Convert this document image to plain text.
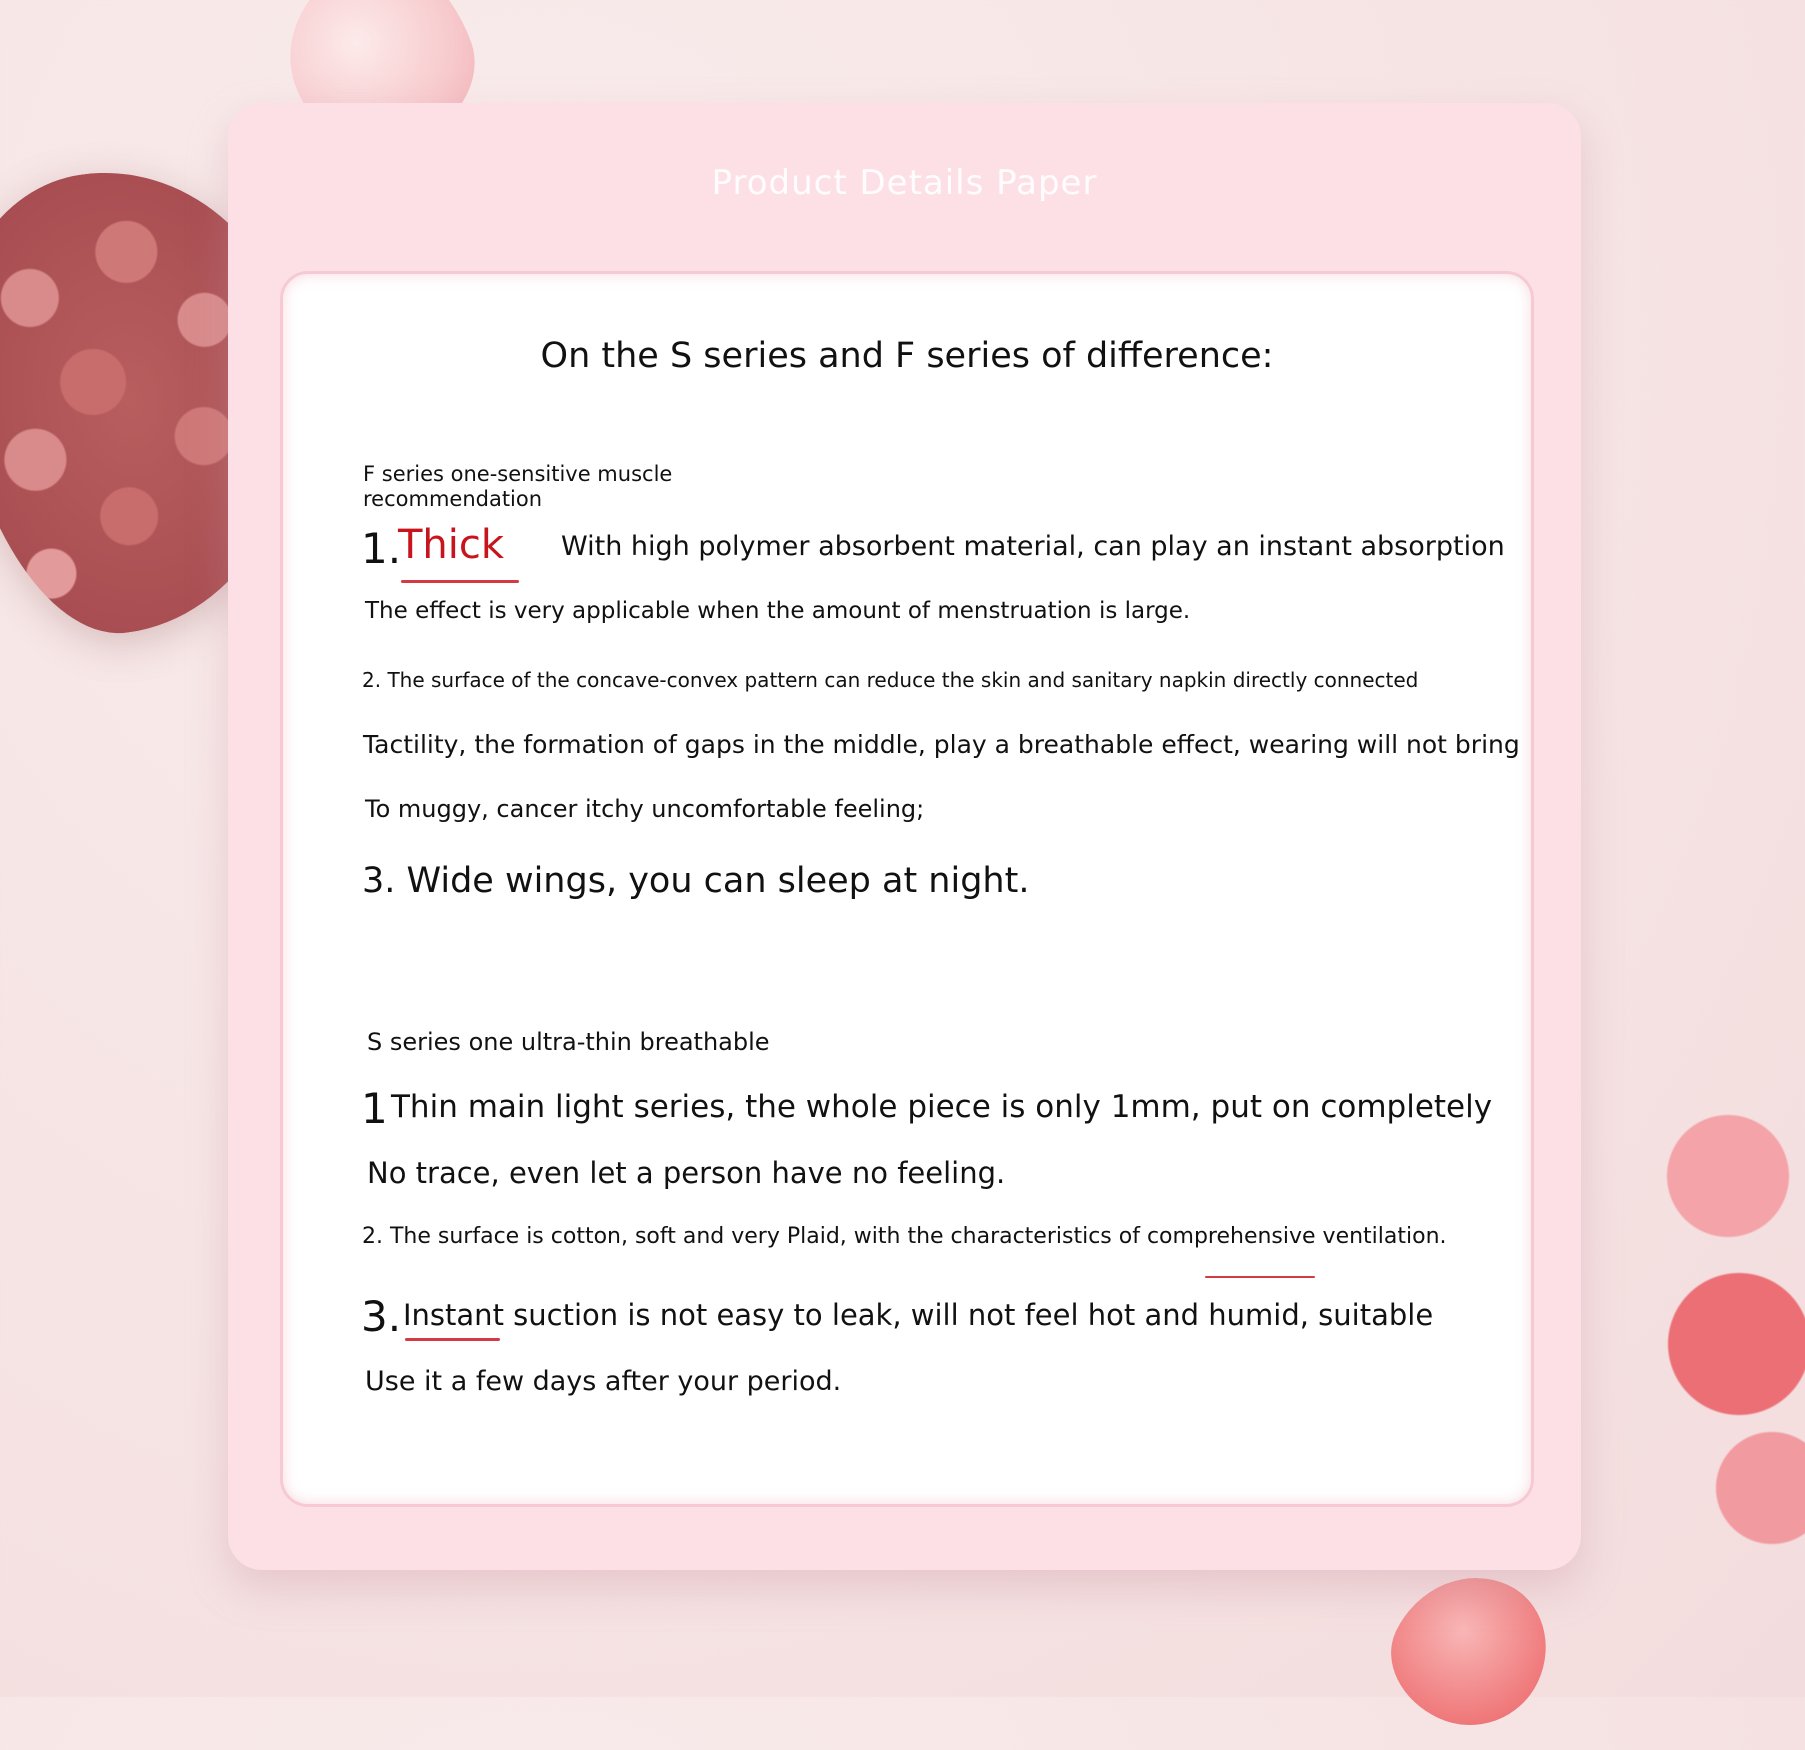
Product Details Paper
On the S series and F series of difference:
F series one-sensitive muscle
recommendation
1.
Thick With high polymer absorbent material, can play an instant absorption
The effect is very applicable when the amount of menstruation is large.
2. The surface of the concave-convex pattern can reduce the skin and sanitary napkin directly connected
Tactility, the formation of gaps in the middle, play a breathable effect, wearing will not bring
To muggy, cancer itchy uncomfortable feeling;
3. Wide wings, you can sleep at night.
S series one ultra-thin breathable
1 Thin main light series, the whole piece is only 1mm, put on completely
No trace, even let a person have no feeling.
2. The surface is cotton, soft and very Plaid, with the characteristics of comprehensive ventilation.
3. Instant suction is not easy to leak, will not feel hot and humid, suitable
Use it a few days after your period.
